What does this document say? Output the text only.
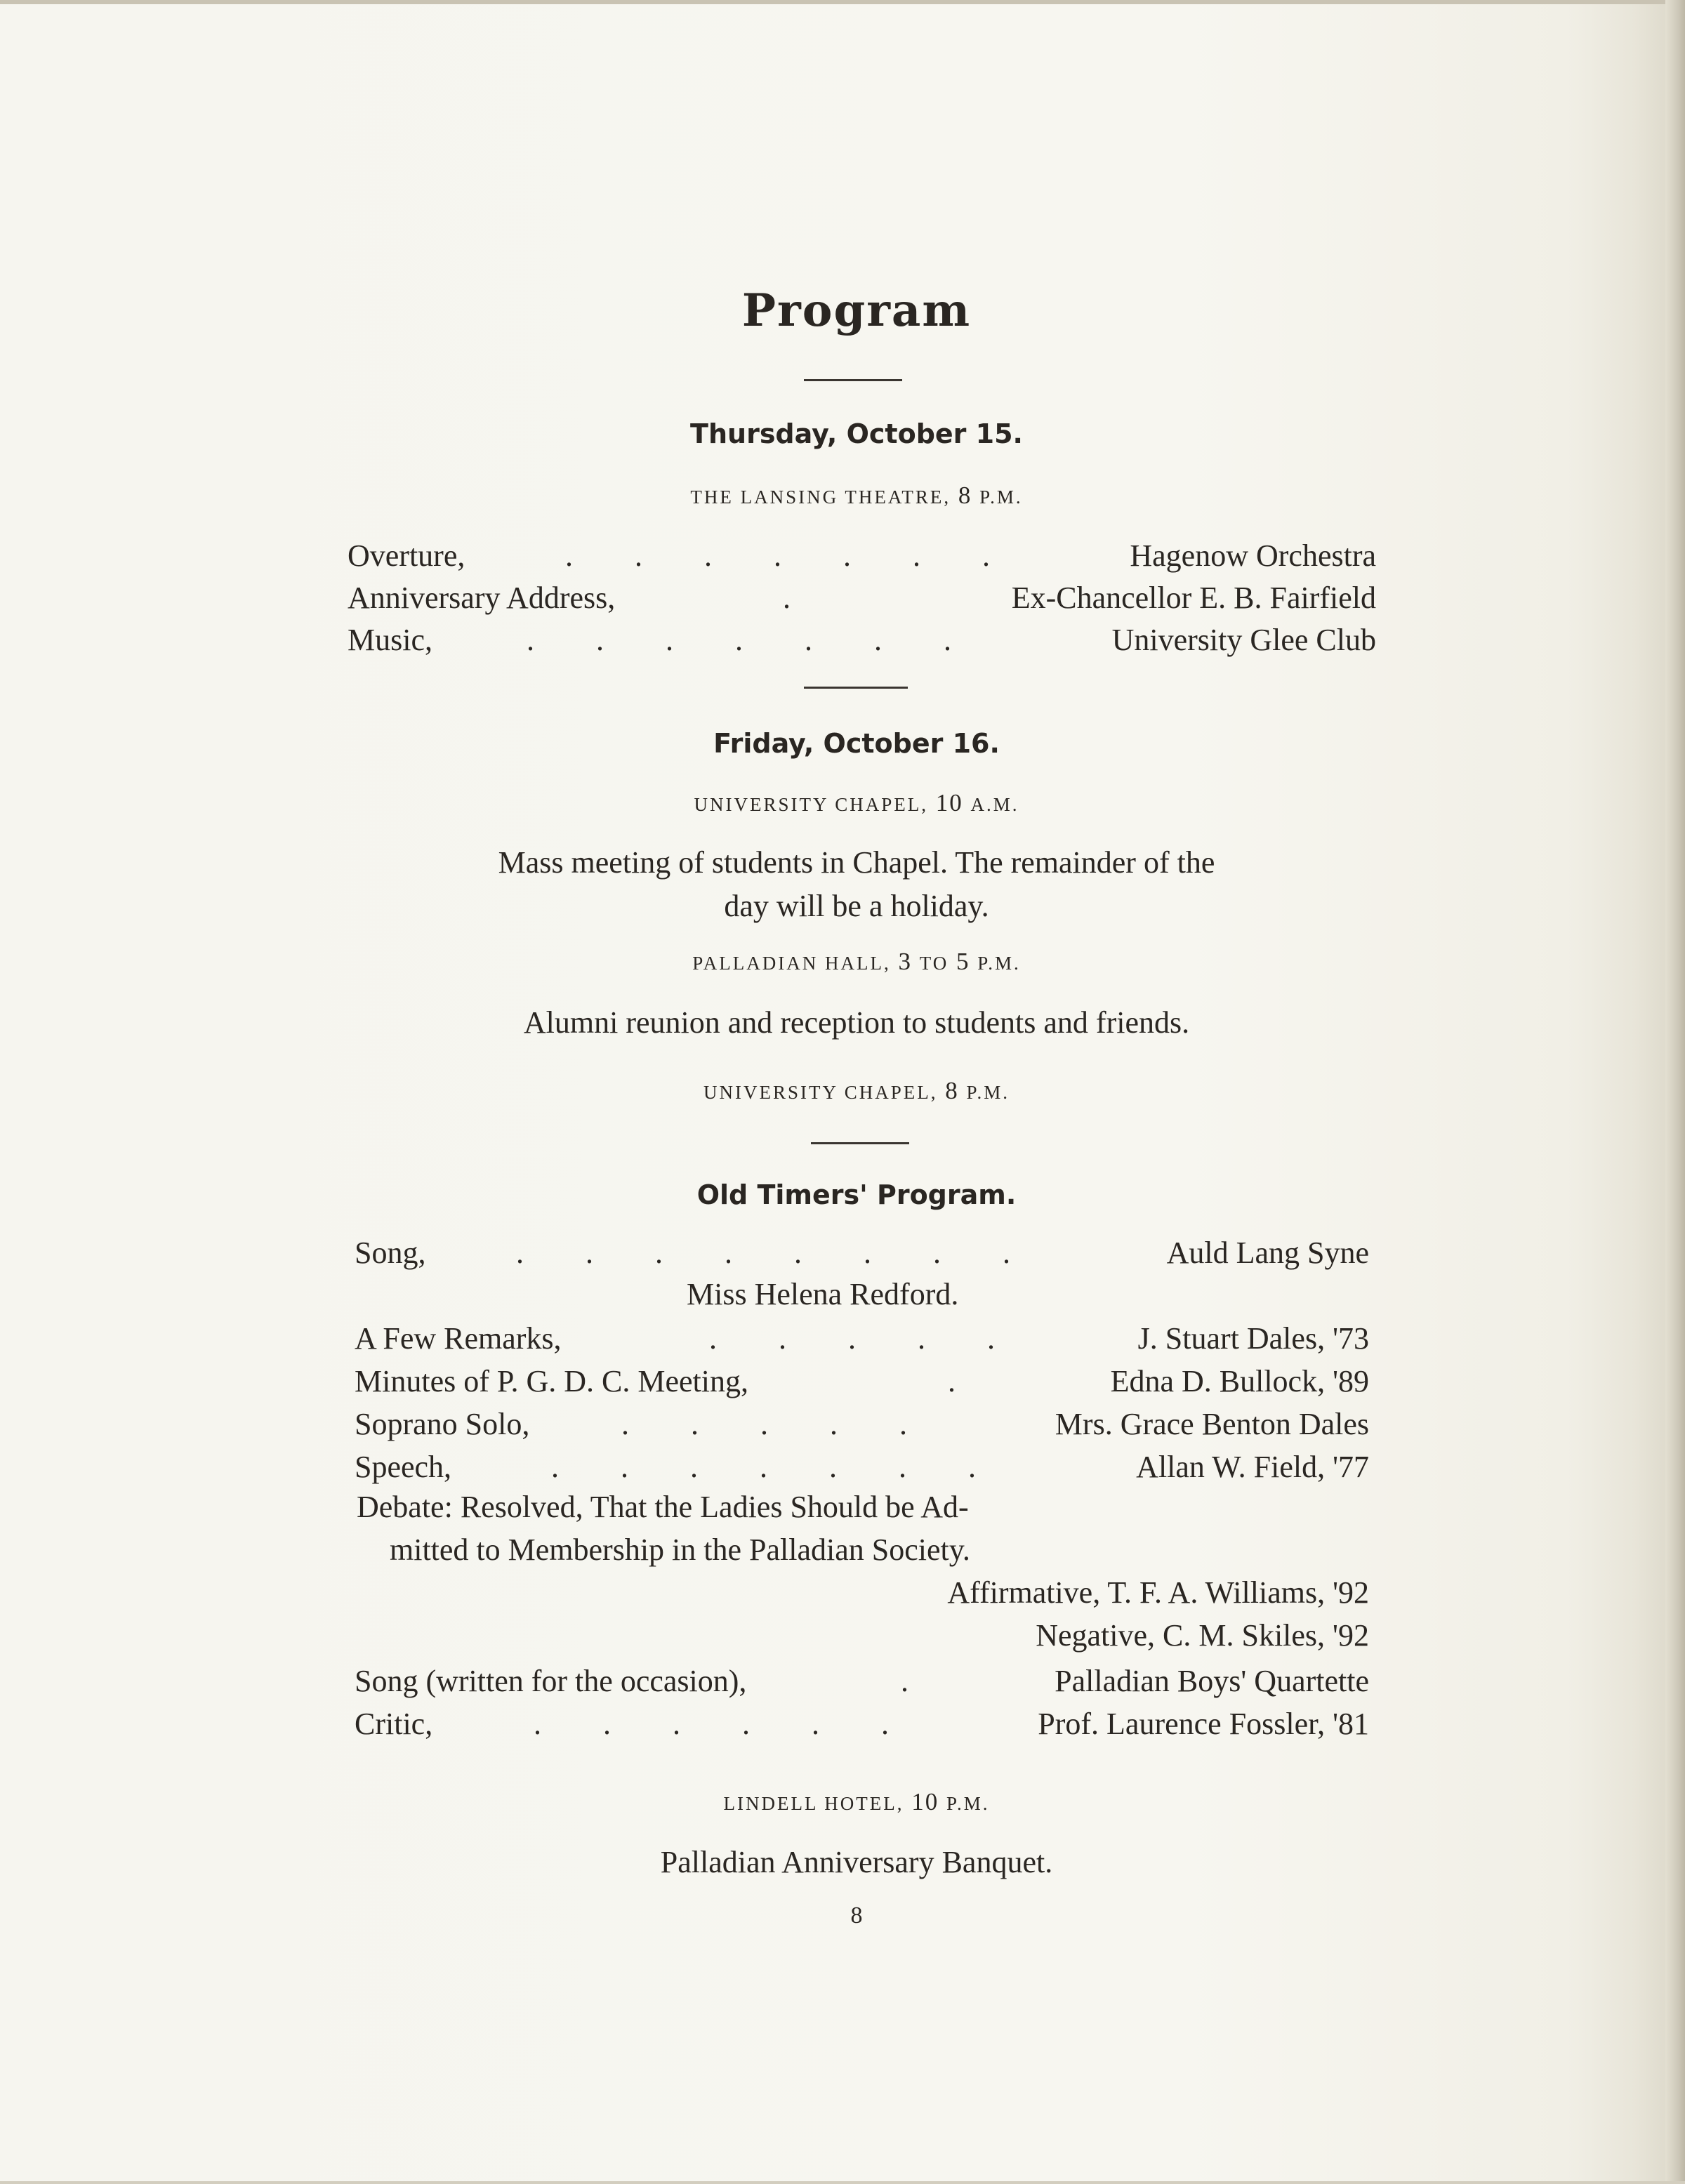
Program
Thursday, October 15.
THE LANSING THEATRE, 8 P.M.
Overture,	.  .  .  .  .  .  .	Hagenow Orchestra
Anniversary Address,	.	Ex-Chancellor E. B. Fairfield
Music,	.  .  .  .  .  .  .	University Glee Club
Friday, October 16.
UNIVERSITY CHAPEL, 10 A.M.
Mass meeting of students in Chapel. The remainder of the
day will be a holiday.
PALLADIAN HALL, 3 TO 5 P.M.
Alumni reunion and reception to students and friends.
UNIVERSITY CHAPEL, 8 P.M.
Old Timers' Program.
Song,	.  .  .  .  .  .  .  .	Auld Lang Syne
Miss Helena Redford.
A Few Remarks,	.  .  .  .  .	J. Stuart Dales, '73
Minutes of P. G. D. C. Meeting,	.	Edna D. Bullock, '89
Soprano Solo,	.  .  .  .  .	Mrs. Grace Benton Dales
Speech,	.  .  .  .  .  .  .	Allan W. Field, '77
Debate: Resolved, That the Ladies Should be Ad-
mitted to Membership in the Palladian Society.
Affirmative, T. F. A. Williams, '92
Negative, C. M. Skiles, '92
Song (written for the occasion),	.	Palladian Boys' Quartette
Critic,	.  .  .  .  .  .	Prof. Laurence Fossler, '81
LINDELL HOTEL, 10 P.M.
Palladian Anniversary Banquet.
8
